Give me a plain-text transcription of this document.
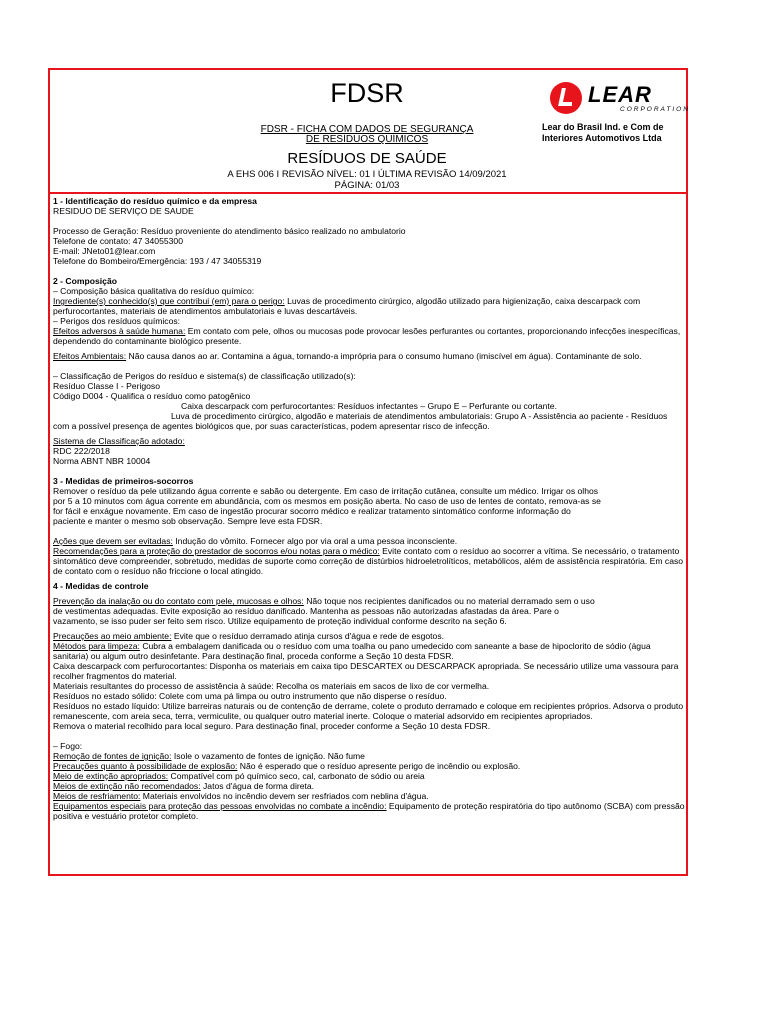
FDSR
FDSR - FICHA COM DADOS DE SEGURANÇA
DE RESÍDUOS QUÍMICOS
RESÍDUOS DE SAÚDE
A EHS 006 I REVISÃO NÍVEL: 01 I ÚLTIMA REVISÃO 14/09/2021
PÁGINA: 01/03
LEAR
CORPORATION
Lear do Brasil Ind. e Com de Interiores Automotivos Ltda

1 - Identificação do resíduo químico e da empresa

RESIDUO DE SERVIÇO DE SAUDE

Processo de Geração: Resíduo proveniente do atendimento básico realizado no ambulatorio

Telefone de contato: 47 34055300

E-mail: JNeto01@lear.com

Telefone do Bombeiro/Emergência: 193 / 47 34055319

2 - Composição

– Composição básica qualitativa do resíduo químico:

Ingrediente(s) conhecido(s) que contribui (em) para o perigo: Luvas de procedimento cirúrgico, algodão utilizado para higienização, caixa descarpack com perfurocortantes, materiais de atendimentos ambulatoriais e luvas descartáveis.

– Perigos dos resíduos químicos:

Efeitos adversos à saúde humana: Em contato com pele, olhos ou mucosas pode provocar lesões perfurantes ou cortantes, proporcionando infecções inespecíficas, dependendo do contaminante biológico presente.

Efeitos Ambientais: Não causa danos ao ar. Contamina a água, tornando-a imprópria para o consumo humano (imiscível em água). Contaminante de solo.

– Classificação de Perigos do resíduo e sistema(s) de classificação utilizado(s):

Resíduo Classe I - Perigoso

Código D004 - Qualifica o resíduo como patogênico

Caixa descarpack com perfurocortantes: Resíduos infectantes – Grupo E – Perfurante ou cortante.

Luva de procedimento cirúrgico, algodão e materiais de atendimentos ambulatoriais: Grupo A - Assistência ao paciente - Resíduos com a possível presença de agentes biológicos que, por suas características, podem apresentar risco de infecção.

Sistema de Classificação adotado:

RDC 222/2018

Norma ABNT NBR 10004

3 - Medidas de primeiros-socorros

Remover o resíduo da pele utilizando água corrente e sabão ou detergente. Em caso de irritação cutânea, consulte um médico. Irrigar os olhos

por 5 a 10 minutos com água corrente em abundância, com os mesmos em posição aberta. No caso de uso de lentes de contato, remova-as se

for fácil e enxágue novamente. Em caso de ingestão procurar socorro médico e realizar tratamento sintomático conforme informação do

paciente e manter o mesmo sob observação. Sempre leve esta FDSR.

Ações que devem ser evitadas: Indução do vômito. Fornecer algo por via oral a uma pessoa inconsciente.

Recomendações para a proteção do prestador de socorros e/ou notas para o médico: Evite contato com o resíduo ao socorrer a vítima. Se necessário, o tratamento sintomático deve compreender, sobretudo, medidas de suporte como correção de distúrbios hidroeletrolíticos, metabólicos, além de assistência respiratória. Em caso de contato com o resíduo não friccione o local atingido.

4 - Medidas de controle

Prevenção da inalação ou do contato com pele, mucosas e olhos: Não toque nos recipientes danificados ou no material derramado sem o uso

de vestimentas adequadas. Evite exposição ao resíduo danificado. Mantenha as pessoas não autorizadas afastadas da área. Pare o

vazamento, se isso puder ser feito sem risco. Utilize equipamento de proteção individual conforme descrito na seção 6.

Precauções ao meio ambiente: Evite que o resíduo derramado atinja cursos d'água e rede de esgotos.

Métodos para limpeza: Cubra a embalagem danificada ou o resíduo com uma toalha ou pano umedecido com saneante a base de hipoclorito de sódio (água sanitaria) ou algum outro desinfetante. Para destinação final, proceda conforme a Seção 10 desta FDSR.

Caixa descarpack com perfurocortantes: Disponha os materiais em caixa tipo DESCARTEX ou DESCARPACK apropriada. Se necessário utilize uma vassoura para recolher fragmentos do material.

Materiais resultantes do processo de assistência à saúde: Recolha os materiais em sacos de lixo de cor vermelha.

Resíduos no estado sólido: Colete com uma pá limpa ou outro instrumento que não disperse o resíduo.

Resíduos no estado líquido: Utilize barreiras naturais ou de contenção de derrame, colete o produto derramado e coloque em recipientes próprios. Adsorva o produto remanescente, com areia seca, terra, vermiculite, ou qualquer outro material inerte. Coloque o material adsorvido em recipientes apropriados.

Remova o material recolhido para local seguro. Para destinação final, proceder conforme a Seção 10 desta FDSR.

– Fogo:

Remoção de fontes de ignição: Isole o vazamento de fontes de ignição. Não fume

Precauções quanto à possibilidade de explosão: Não é esperado que o resíduo apresente perigo de incêndio ou explosão.

Meio de extinção apropriados: Compatível com pó químico seco, cal, carbonato de sódio ou areia

Meios de extinção não recomendados: Jatos d'água de forma direta.

Meios de resfriamento: Materiais envolvidos no incêndio devem ser resfriados com neblina d'água.

Equipamentos especiais para proteção das pessoas envolvidas no combate a incêndio: Equipamento de proteção respiratória do tipo autônomo (SCBA) com pressão positiva e vestuário protetor completo.
